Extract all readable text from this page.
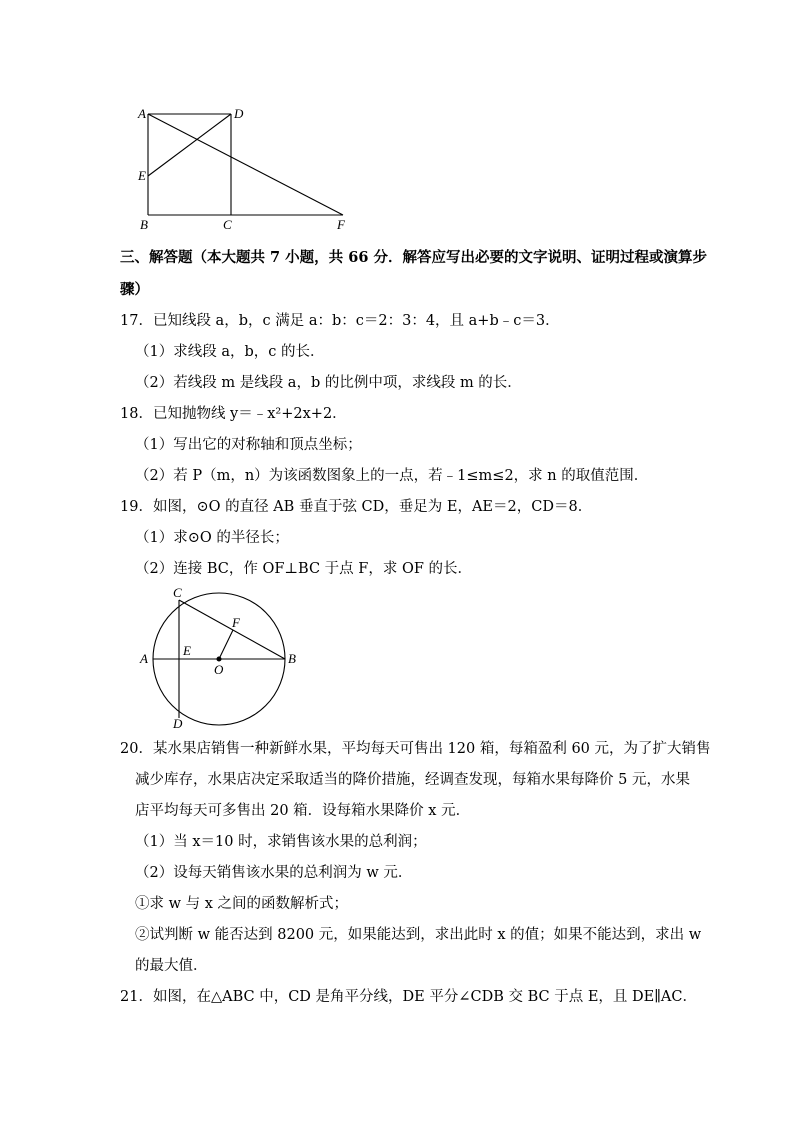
A	D
E
B	C	F
三、解答题（本大题共 7 小题，共 66 分．解答应写出必要的文字说明、证明过程或演算步
骤）
17．已知线段 a，b，c 满足 a：b：c＝2：3：4，且 a+b﹣c＝3．
（1）求线段 a，b，c 的长．
（2）若线段 m 是线段 a，b 的比例中项，求线段 m 的长．
18．已知抛物线 y＝﹣x²+2x+2．
（1）写出它的对称轴和顶点坐标；
（2）若 P（m，n）为该函数图象上的一点，若﹣1≤m≤2，求 n 的取值范围．
19．如图，⊙O 的直径 AB 垂直于弦 CD，垂足为 E，AE＝2，CD＝8．
（1）求⊙O 的半径长；
（2）连接 BC，作 OF⊥BC 于点 F，求 OF 的长．
C
F
A
E
O
B
D
20．某水果店销售一种新鲜水果，平均每天可售出 120 箱，每箱盈利 60 元，为了扩大销售
减少库存，水果店决定采取适当的降价措施，经调查发现，每箱水果每降价 5 元，水果
店平均每天可多售出 20 箱．设每箱水果降价 x 元．
（1）当 x＝10 时，求销售该水果的总利润；
（2）设每天销售该水果的总利润为 w 元．
①求 w 与 x 之间的函数解析式；
②试判断 w 能否达到 8200 元，如果能达到，求出此时 x 的值；如果不能达到，求出 w
的最大值．
21．如图，在△ABC 中，CD 是角平分线，DE 平分∠CDB 交 BC 于点 E，且 DE∥AC．
